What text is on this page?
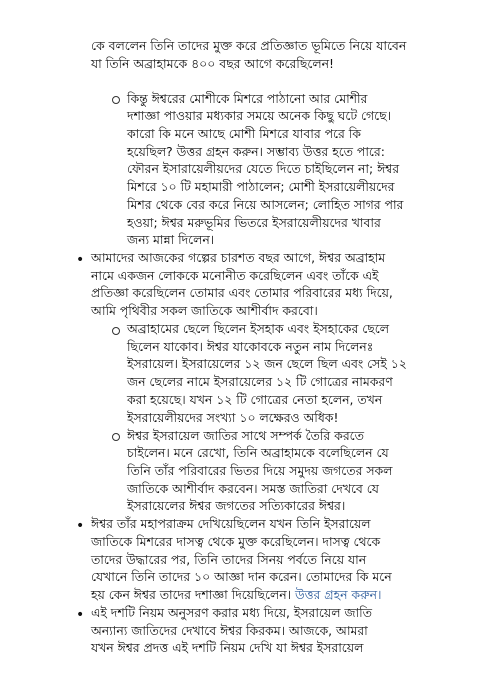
কে বললেন তিনি তাদের মুক্ত করে প্রতিজ্ঞাত ভূমিতে নিয়ে যাবেন
যা তিনি অব্রাহামকে ৪০০ বছর আগে করেছিলেন!
কিন্তু ঈশ্বরের মোশীকে মিশরে পাঠানো আর মোশীর
দশাজ্ঞা পাওয়ার মধ্যকার সময়ে অনেক কিছু ঘটে গেছে।
কারো কি মনে আছে মোশী মিশরে যাবার পরে কি
হয়েছিল? উত্তর গ্রহন করুন। সম্ভাব্য উত্তর হতে পারে:
ফৌরন ইসারায়েলীয়দের যেতে দিতে চাইছিলেন না; ঈশ্বর
মিশরে ১০ টি মহামারী পাঠালেন; মোশী ইসরায়েলীয়দের
মিশর থেকে বের করে নিয়ে আসলেন; লোহিত সাগর পার
হওয়া; ঈশ্বর মরুভূমির ভিতরে ইসরায়েলীয়দের খাবার
জন্য মান্না দিলেন।
• আমাদের আজকের গল্পের চারশত বছর আগে, ঈশ্বর অব্রাহাম
নামে একজন লোককে মনোনীত করেছিলেন এবং তাঁকে এই
প্রতিজ্ঞা করেছিলেন তোমার এবং তোমার পরিবারের মধ্য দিয়ে,
আমি পৃথিবীর সকল জাতিকে আশীর্বাদ করবো।
অব্রাহামের ছেলে ছিলেন ইসহাক এবং ইসহাকের ছেলে
ছিলেন যাকোব। ঈশ্বর যাকোবকে নতুন নাম দিলেনঃ
ইসরায়েল। ইসরায়েলের ১২ জন ছেলে ছিল এবং সেই ১২
জন ছেলের নামে ইসরায়েলের ১২ টি গোত্রের নামকরণ
করা হয়েছে। যখন ১২ টি গোত্রের নেতা হলেন, তখন
ইসরায়েলীয়দের সংখ্যা ১০ লক্ষেরও অধিক!
ঈশ্বর ইসরায়েল জাতির সাথে সম্পর্ক তৈরি করতে
চাইলেন। মনে রেখো, তিনি অব্রাহামকে বলেছিলেন যে
তিনি তাঁর পরিবারের ভিতর দিয়ে সমুদয় জগতের সকল
জাতিকে আশীর্বাদ করবেন। সমস্ত জাতিরা দেখবে যে
ইসরায়েলের ঈশ্বর জগতের সত্যিকারের ঈশ্বর।
• ঈশ্বর তাঁর মহাপরাক্রম দেখিয়েছিলেন যখন তিনি ইসরায়েল
জাতিকে মিশরের দাসত্ব থেকে মুক্ত করেছিলেন। দাসত্ব থেকে
তাদের উদ্ধারের পর, তিনি তাদের সিনয় পর্বতে নিয়ে যান
যেখানে তিনি তাদের ১০ আজ্ঞা দান করেন। তোমাদের কি মনে
হয় কেন ঈশ্বর তাদের দশাজ্ঞা দিয়েছিলেন। উত্তর গ্রহন করুন।
• এই দশটি নিয়ম অনুসরণ করার মধ্য দিয়ে, ইসরায়েল জাতি
অন্যান্য জাতিদের দেখাবে ঈশ্বর কিরকম। আজকে, আমরা
যখন ঈশ্বর প্রদত্ত এই দশটি নিয়ম দেখি যা ঈশ্বর ইসরায়েল
